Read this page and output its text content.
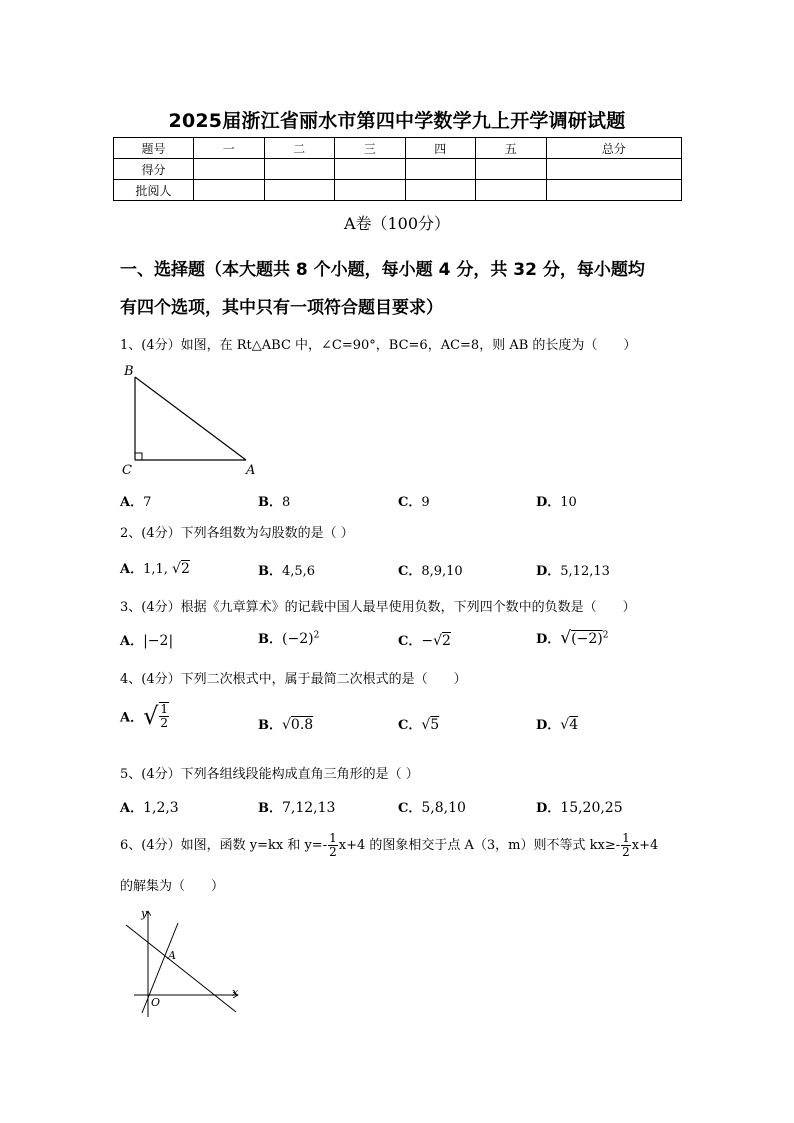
2025届浙江省丽水市第四中学数学九上开学调研试题
题号	一	二	三	四	五	总分
得分						
批阅人						
A卷（100分）
一、选择题（本大题共 8 个小题，每小题 4 分，共 32 分，每小题均
有四个选项，其中只有一项符合题目要求）
1、(4分）如图，在 Rt△ABC 中，∠C=90°，BC=6，AC=8，则 AB 的长度为（　　）
B
C	A
A．7	B．8	C．9	D．10
2、(4分）下列各组数为勾股数的是（ ）
A．1,1, √2	B．4,5,6	C．8,9,10	D．5,12,13
3、(4分）根据《九章算术》的记载中国人最早使用负数，下列四个数中的负数是（　　）
A．|−2|	B．$(-2)^2$	C．−√2	D．$√(-2)^2$
4、(4分）下列二次根式中，属于最简二次根式的是（　　）
A．√ $\frac{1}{2}$	B．√0.8	C．√5	D．√4
5、(4分）下列各组线段能构成直角三角形的是（ ）
A．1,2,3	B．7,12,13	C．5,8,10	D．15,20,25
6、(4分）如图，函数 y=kx 和 $y=- \frac{1}{2} x+4$ 的图象相交于点 A（3，m）则不等式 $kx\ge- \frac{1}{2} x+4$
的解集为（　　）
y
A
O
x
